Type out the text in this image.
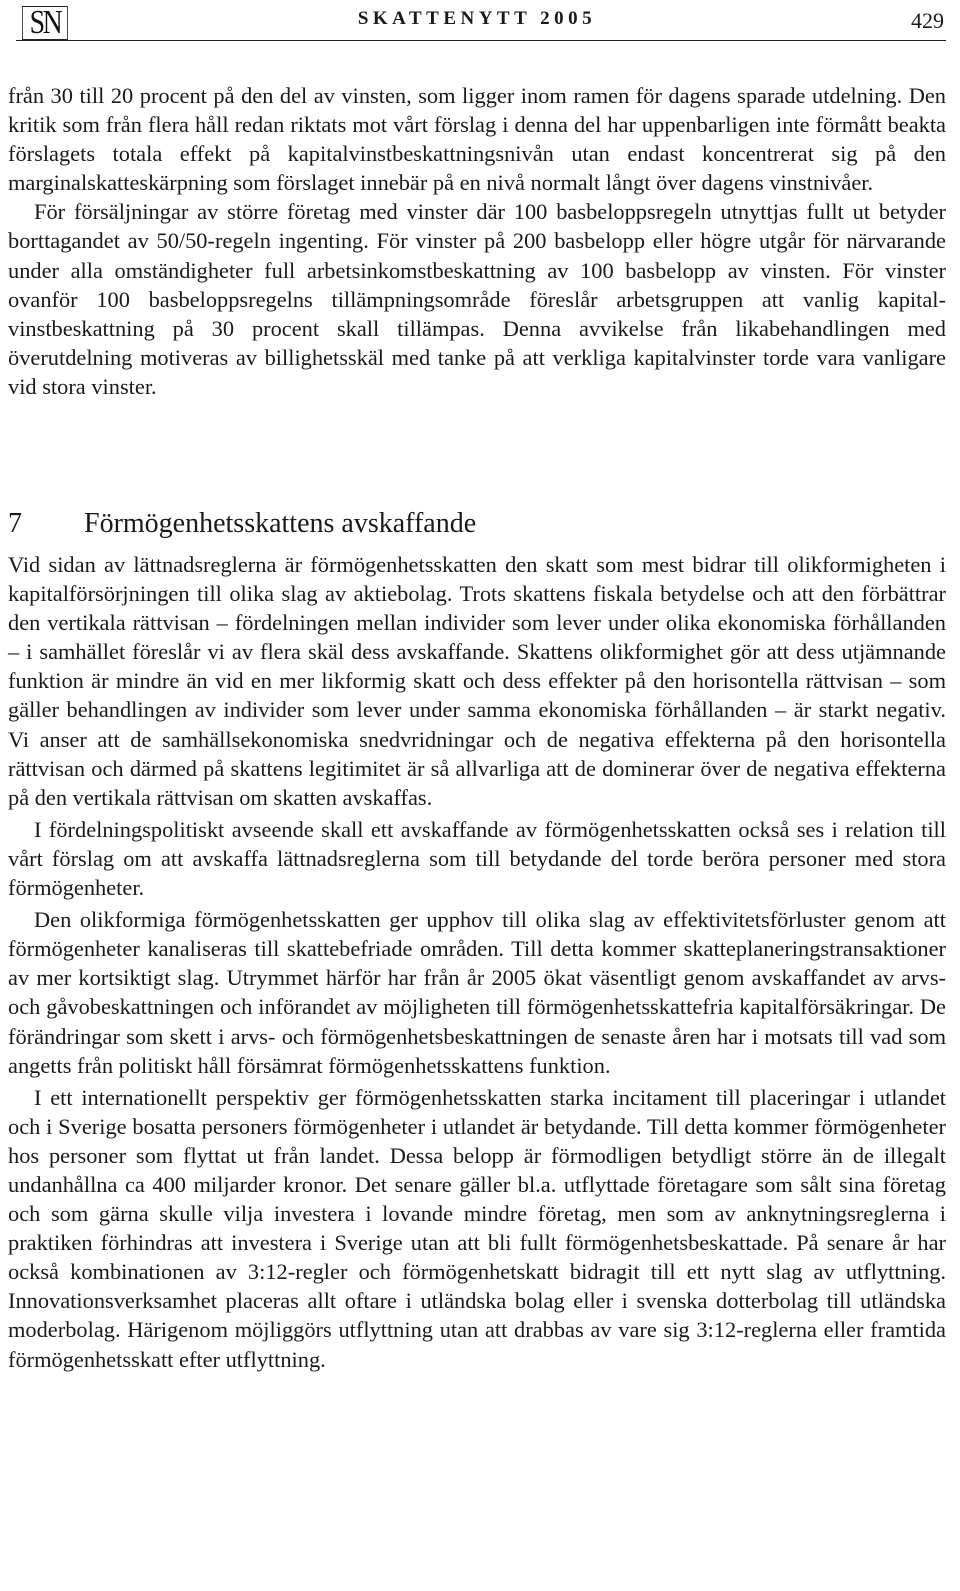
SN	SKATTENYTT 2005	429

från 30 till 20 procent på den del av vinsten, som ligger inom ramen för dagens sparade utdelning. Den kritik som från flera håll redan riktats mot vårt förslag i denna del har uppenbarligen inte förmått beakta förslagets totala effekt på kapitalvinstbeskattningsnivån utan endast koncentrerat sig på den marginalskatteskärpning som förslaget innebär på en nivå normalt långt över dagens vinstnivåer.

För försäljningar av större företag med vinster där 100 basbeloppsregeln utnyttjas fullt ut betyder borttagandet av 50/50-regeln ingenting. För vinster på 200 basbelopp eller högre utgår för närvarande under alla omständigheter full arbetsinkomstbeskattning av 100 basbelopp av vinsten. För vinster ovanför 100 basbeloppsregelns tillämpningsområde föreslår arbetsgruppen att vanlig kapitalvinstbeskattning på 30 procent skall tillämpas. Denna avvikelse från likabehandlingen med överutdelning motiveras av billighetsskäl med tanke på att verkliga kapitalvinster torde vara vanligare vid stora vinster.

7 Förmögenhetsskattens avskaffande

Vid sidan av lättnadsreglerna är förmögenhetsskatten den skatt som mest bidrar till olikformigheten i kapitalförsörjningen till olika slag av aktiebolag. Trots skattens fiskala betydelse och att den förbättrar den vertikala rättvisan – fördelningen mellan individer som lever under olika ekonomiska förhållanden – i samhället föreslår vi av flera skäl dess avskaffande. Skattens olikformighet gör att dess utjämnande funktion är mindre än vid en mer likformig skatt och dess effekter på den horisontella rättvisan – som gäller behandlingen av individer som lever under samma ekonomiska förhållanden – är starkt negativ. Vi anser att de samhällsekonomiska snedvridningar och de negativa effekterna på den horisontella rättvisan och därmed på skattens legitimitet är så allvarliga att de dominerar över de negativa effekterna på den vertikala rättvisan om skatten avskaffas.

I fördelningspolitiskt avseende skall ett avskaffande av förmögenhetsskatten också ses i relation till vårt förslag om att avskaffa lättnadsreglerna som till betydande del torde beröra personer med stora förmögenheter.

Den olikformiga förmögenhetsskatten ger upphov till olika slag av effektivitetsförluster genom att förmögenheter kanaliseras till skattebefriade områden. Till detta kommer skatteplaneringstransaktioner av mer kortsiktigt slag. Utrymmet härför har från år 2005 ökat väsentligt genom avskaffandet av arvs- och gåvobeskattningen och införandet av möjligheten till förmögenhetsskattefria kapitalförsäkringar. De förändringar som skett i arvs- och förmögenhetsbeskattningen de senaste åren har i motsats till vad som angetts från politiskt håll försämrat förmögenhetsskattens funktion.

I ett internationellt perspektiv ger förmögenhetsskatten starka incitament till placeringar i utlandet och i Sverige bosatta personers förmögenheter i utlandet är betydande. Till detta kommer förmögenheter hos personer som flyttat ut från landet. Dessa belopp är förmodligen betydligt större än de illegalt undanhållna ca 400 miljarder kronor. Det senare gäller bl.a. utflyttade företagare som sålt sina företag och som gärna skulle vilja investera i lovande mindre företag, men som av anknytningsreglerna i praktiken förhindras att investera i Sverige utan att bli fullt förmögenhetsbeskattade. På senare år har också kombinationen av 3:12-regler och förmögenhetskatt bidragit till ett nytt slag av utflyttning. Innovationsverksamhet placeras allt oftare i utländska bolag eller i svenska dotterbolag till utländska moderbolag. Härigenom möjliggörs utflyttning utan att drabbas av vare sig 3:12-reglerna eller framtida förmögenhetsskatt efter utflyttning.
